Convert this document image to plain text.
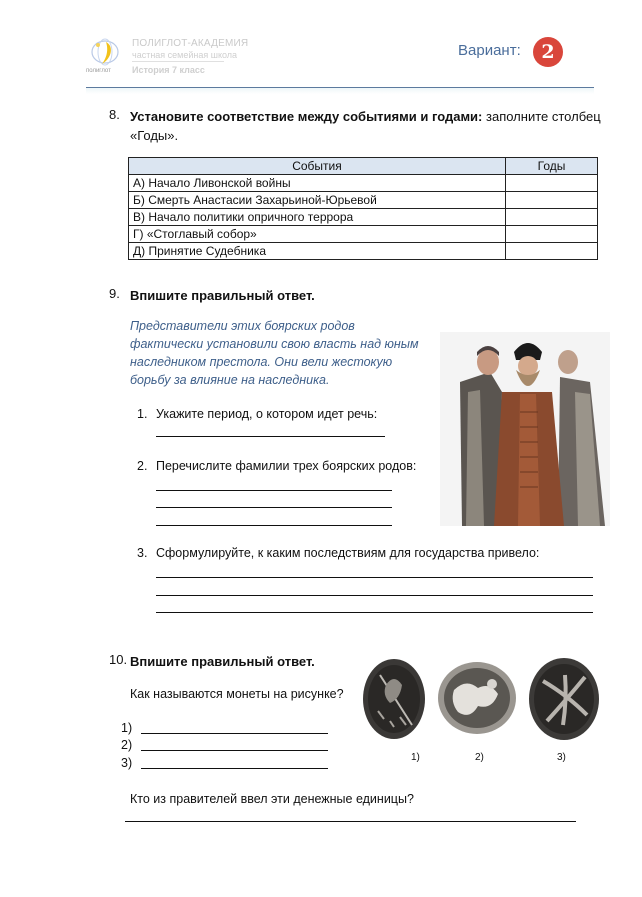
полиглот
ПОЛИГЛОТ-АКАДЕМИЯ
частная семейная школа
История 7 класс
Вариант:	2
8. Установите соответствие между событиями и годами: заполните столбец
«Годы».
События	Годы
А) Начало Ливонской войны	
Б) Смерть Анастасии Захарьиной-Юрьевой	
В) Начало политики опричного террора	
Г) «Стоглавый собор»	
Д) Принятие Судебника	
9. Впишите правильный ответ.
Представители этих боярских родов фактически установили свою власть над юным наследником престола. Они вели жестокую борьбу за влияние на наследника.
1. Укажите период, о котором идет речь:
2. Перечислите фамилии трех боярских родов:
3. Сформулируйте, к каким последствиям для государства привело:
10. Впишите правильный ответ.
Как называются монеты на рисунке?
1)
2)
3)	1)	2)	3)
Кто из правителей ввел эти денежные единицы?
